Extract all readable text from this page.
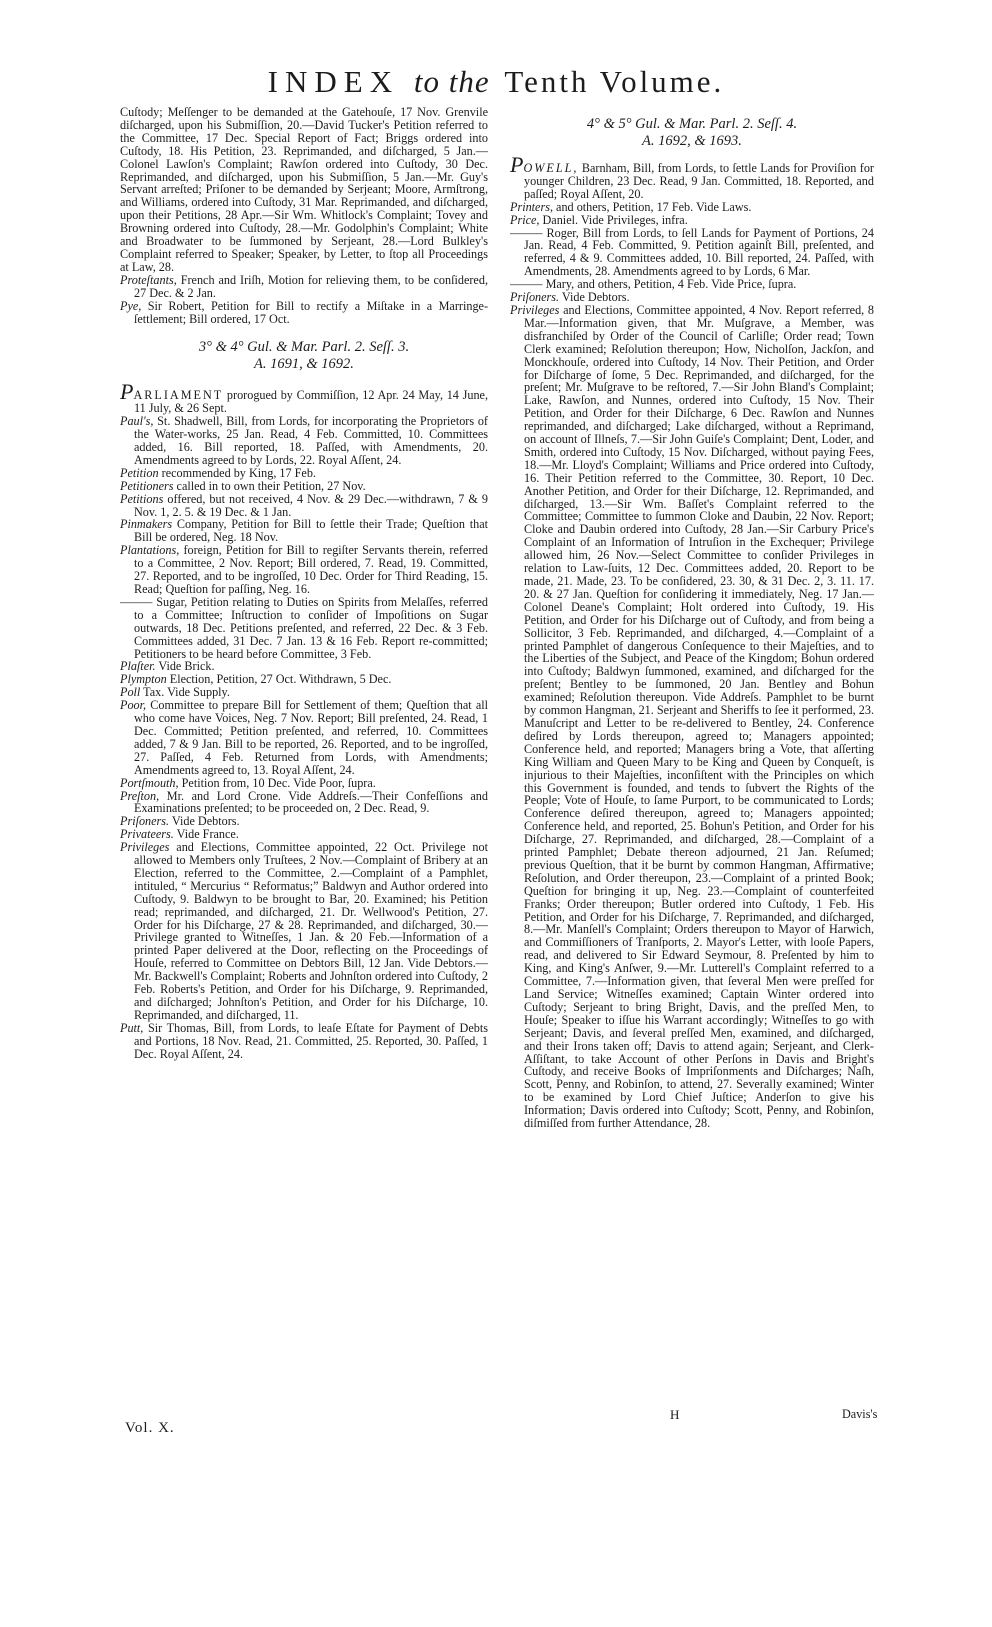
INDEX to the Tenth Volume.

Cuſtody; Meſſenger to be demanded at the Gatehouſe, 17 Nov. Grenvile diſcharged, upon his Submiſſion, 20.—David Tucker's Petition referred to the Committee, 17 Dec. Special Report of Fact; Briggs ordered into Cuſtody, 18. His Petition, 23. Reprimanded, and diſcharged, 5 Jan.—Colonel Lawſon's Complaint; Rawſon ordered into Cuſtody, 30 Dec. Reprimanded, and diſcharged, upon his Submiſſion, 5 Jan.—Mr. Guy's Servant arreſted; Priſoner to be demanded by Serjeant; Moore, Armſtrong, and Williams, ordered into Cuſtody, 31 Mar. Reprimanded, and diſcharged, upon their Petitions, 28 Apr.—Sir Wm. Whitlock's Complaint; Tovey and Browning ordered into Cuſtody, 28.—Mr. Godolphin's Complaint; White and Broadwater to be ſummoned by Serjeant, 28.—Lord Bulkley's Complaint referred to Speaker; Speaker, by Letter, to ſtop all Proceedings at Law, 28.

Proteſtants, French and Iriſh, Motion for relieving them, to be conſidered, 27 Dec. & 2 Jan.

Pye, Sir Robert, Petition for Bill to rectify a Miſtake in a Marringe-ſettlement; Bill ordered, 17 Oct.

3° & 4° Gul. & Mar. Parl. 2. Seſſ. 3.
A. 1691, & 1692.

PARLIAMENT prorogued by Commiſſion, 12 Apr. 24 May, 14 June, 11 July, & 26 Sept.

Paul's, St. Shadwell, Bill, from Lords, for incorporating the Proprietors of the Water-works, 25 Jan. Read, 4 Feb. Committed, 10. Committees added, 16. Bill reported, 18. Paſſed, with Amendments, 20. Amendments agreed to by Lords, 22. Royal Aſſent, 24.

Petition recommended by King, 17 Feb.

Petitioners called in to own their Petition, 27 Nov.

Petitions offered, but not received, 4 Nov. & 29 Dec.—withdrawn, 7 & 9 Nov. 1, 2. 5. & 19 Dec. & 1 Jan.

Pinmakers Company, Petition for Bill to ſettle their Trade; Queſtion that Bill be ordered, Neg. 18 Nov.

Plantations, foreign, Petition for Bill to regiſter Servants therein, referred to a Committee, 2 Nov. Report; Bill ordered, 7. Read, 19. Committed, 27. Reported, and to be ingroſſed, 10 Dec. Order for Third Reading, 15. Read; Queſtion for paſſing, Neg. 16.

——— Sugar, Petition relating to Duties on Spirits from Melaſſes, referred to a Committee; Inſtruction to conſider of Impoſitions on Sugar outwards, 18 Dec. Petitions preſented, and referred, 22 Dec. & 3 Feb. Committees added, 31 Dec. 7 Jan. 13 & 16 Feb. Report re-committed; Petitioners to be heard before Committee, 3 Feb.

Plaſter. Vide Brick.

Plympton Election, Petition, 27 Oct. Withdrawn, 5 Dec.

Poll Tax. Vide Supply.

Poor, Committee to prepare Bill for Settlement of them; Queſtion that all who come have Voices, Neg. 7 Nov. Report; Bill preſented, 24. Read, 1 Dec. Committed; Petition preſented, and referred, 10. Committees added, 7 & 9 Jan. Bill to be reported, 26. Reported, and to be ingroſſed, 27. Paſſed, 4 Feb. Returned from Lords, with Amendments; Amendments agreed to, 13. Royal Aſſent, 24.

Portſmouth, Petition from, 10 Dec. Vide Poor, ſupra.

Preſton, Mr. and Lord Crone. Vide Addreſs.—Their Confeſſions and Examinations preſented; to be proceeded on, 2 Dec. Read, 9.

Priſoners. Vide Debtors.

Privateers. Vide France.

Privileges and Elections, Committee appointed, 22 Oct. Privilege not allowed to Members only Truſtees, 2 Nov.—Complaint of Bribery at an Election, referred to the Committee, 2.—Complaint of a Pamphlet, intituled, “ Mercurius “ Reformatus;” Baldwyn and Author ordered into Cuſtody, 9. Baldwyn to be brought to Bar, 20. Examined; his Petition read; reprimanded, and diſcharged, 21. Dr. Wellwood's Petition, 27. Order for his Diſcharge, 27 & 28. Reprimanded, and diſcharged, 30.—Privilege granted to Witneſſes, 1 Jan. & 20 Feb.—Information of a printed Paper delivered at the Door, reflecting on the Proceedings of Houſe, referred to Committee on Debtors Bill, 12 Jan. Vide Debtors.—Mr. Backwell's Complaint; Roberts and Johnſton ordered into Cuſtody, 2 Feb. Roberts's Petition, and Order for his Diſcharge, 9. Reprimanded, and diſcharged; Johnſton's Petition, and Order for his Diſcharge, 10. Reprimanded, and diſcharged, 11.

Putt, Sir Thomas, Bill, from Lords, to leaſe Eſtate for Payment of Debts and Portions, 18 Nov. Read, 21. Committed, 25. Reported, 30. Paſſed, 1 Dec. Royal Aſſent, 24.

4° & 5° Gul. & Mar. Parl. 2. Seſſ. 4.
A. 1692, & 1693.

POWELL, Barnham, Bill, from Lords, to ſettle Lands for Proviſion for younger Children, 23 Dec. Read, 9 Jan. Committed, 18. Reported, and paſſed; Royal Aſſent, 20.

Printers, and others, Petition, 17 Feb. Vide Laws.

Price, Daniel. Vide Privileges, infra.

——— Roger, Bill from Lords, to ſell Lands for Payment of Portions, 24 Jan. Read, 4 Feb. Committed, 9. Petition againſt Bill, preſented, and referred, 4 & 9. Committees added, 10. Bill reported, 24. Paſſed, with Amendments, 28. Amendments agreed to by Lords, 6 Mar.

——— Mary, and others, Petition, 4 Feb. Vide Price, ſupra.

Priſoners. Vide Debtors.

Privileges and Elections, Committee appointed, 4 Nov. Report referred, 8 Mar.—Information given, that Mr. Muſgrave, a Member, was disfranchiſed by Order of the Council of Carliſle; Order read; Town Clerk examined; Reſolution thereupon; How, Nicholſon, Jackſon, and Monckhouſe, ordered into Cuſtody, 14 Nov. Their Petition, and Order for Diſcharge of ſome, 5 Dec. Reprimanded, and diſcharged, for the preſent; Mr. Muſgrave to be reſtored, 7.—Sir John Bland's Complaint; Lake, Rawſon, and Nunnes, ordered into Cuſtody, 15 Nov. Their Petition, and Order for their Diſcharge, 6 Dec. Rawſon and Nunnes reprimanded, and diſcharged; Lake diſcharged, without a Reprimand, on account of Illneſs, 7.—Sir John Guiſe's Complaint; Dent, Loder, and Smith, ordered into Cuſtody, 15 Nov. Diſcharged, without paying Fees, 18.—Mr. Lloyd's Complaint; Williams and Price ordered into Cuſtody, 16. Their Petition referred to the Committee, 30. Report, 10 Dec. Another Petition, and Order for their Diſcharge, 12. Reprimanded, and diſcharged, 13.—Sir Wm. Baſſet's Complaint referred to the Committee; Committee to ſummon Cloke and Daubin, 22 Nov. Report; Cloke and Daubin ordered into Cuſtody, 28 Jan.—Sir Carbury Price's Complaint of an Information of Intruſion in the Exchequer; Privilege allowed him, 26 Nov.—Select Committee to conſider Privileges in relation to Law-ſuits, 12 Dec. Committees added, 20. Report to be made, 21. Made, 23. To be conſidered, 23. 30, & 31 Dec. 2, 3. 11. 17. 20. & 27 Jan. Queſtion for conſidering it immediately, Neg. 17 Jan.—Colonel Deane's Complaint; Holt ordered into Cuſtody, 19. His Petition, and Order for his Diſcharge out of Cuſtody, and from being a Sollicitor, 3 Feb. Reprimanded, and diſcharged, 4.—Complaint of a printed Pamphlet of dangerous Conſequence to their Majeſties, and to the Liberties of the Subject, and Peace of the Kingdom; Bohun ordered into Cuſtody; Baldwyn ſummoned, examined, and diſcharged for the preſent; Bentley to be ſummoned, 20 Jan. Bentley and Bohun examined; Reſolution thereupon. Vide Addreſs. Pamphlet to be burnt by common Hangman, 21. Serjeant and Sheriffs to ſee it performed, 23. Manuſcript and Letter to be re-delivered to Bentley, 24. Conference deſired by Lords thereupon, agreed to; Managers appointed; Conference held, and reported; Managers bring a Vote, that aſſerting King William and Queen Mary to be King and Queen by Conqueſt, is injurious to their Majeſties, inconſiſtent with the Principles on which this Government is founded, and tends to ſubvert the Rights of the People; Vote of Houſe, to ſame Purport, to be communicated to Lords; Conference deſired thereupon, agreed to; Managers appointed; Conference held, and reported, 25. Bohun's Petition, and Order for his Diſcharge, 27. Reprimanded, and diſcharged, 28.—Complaint of a printed Pamphlet; Debate thereon adjourned, 21 Jan. Reſumed; previous Queſtion, that it be burnt by common Hangman, Affirmative; Reſolution, and Order thereupon, 23.—Complaint of a printed Book; Queſtion for bringing it up, Neg. 23.—Complaint of counterfeited Franks; Order thereupon; Butler ordered into Cuſtody, 1 Feb. His Petition, and Order for his Diſcharge, 7. Reprimanded, and diſcharged, 8.—Mr. Manſell's Complaint; Orders thereupon to Mayor of Harwich, and Commiſſioners of Tranſports, 2. Mayor's Letter, with looſe Papers, read, and delivered to Sir Edward Seymour, 8. Preſented by him to King, and King's Anſwer, 9.—Mr. Lutterell's Complaint referred to a Committee, 7.—Information given, that ſeveral Men were preſſed for Land Service; Witneſſes examined; Captain Winter ordered into Cuſtody; Serjeant to bring Bright, Davis, and the preſſed Men, to Houſe; Speaker to iſſue his Warrant accordingly; Witneſſes to go with Serjeant; Davis, and ſeveral preſſed Men, examined, and diſcharged, and their Irons taken off; Davis to attend again; Serjeant, and Clerk-Aſſiſtant, to take Account of other Perſons in Davis and Bright's Cuſtody, and receive Books of Impriſonments and Diſcharges; Naſh, Scott, Penny, and Robinſon, to attend, 27. Severally examined; Winter to be examined by Lord Chief Juſtice; Anderſon to give his Information; Davis ordered into Cuſtody; Scott, Penny, and Robinſon, diſmiſſed from further Attendance, 28.

Vol. X.
H	Davis's
